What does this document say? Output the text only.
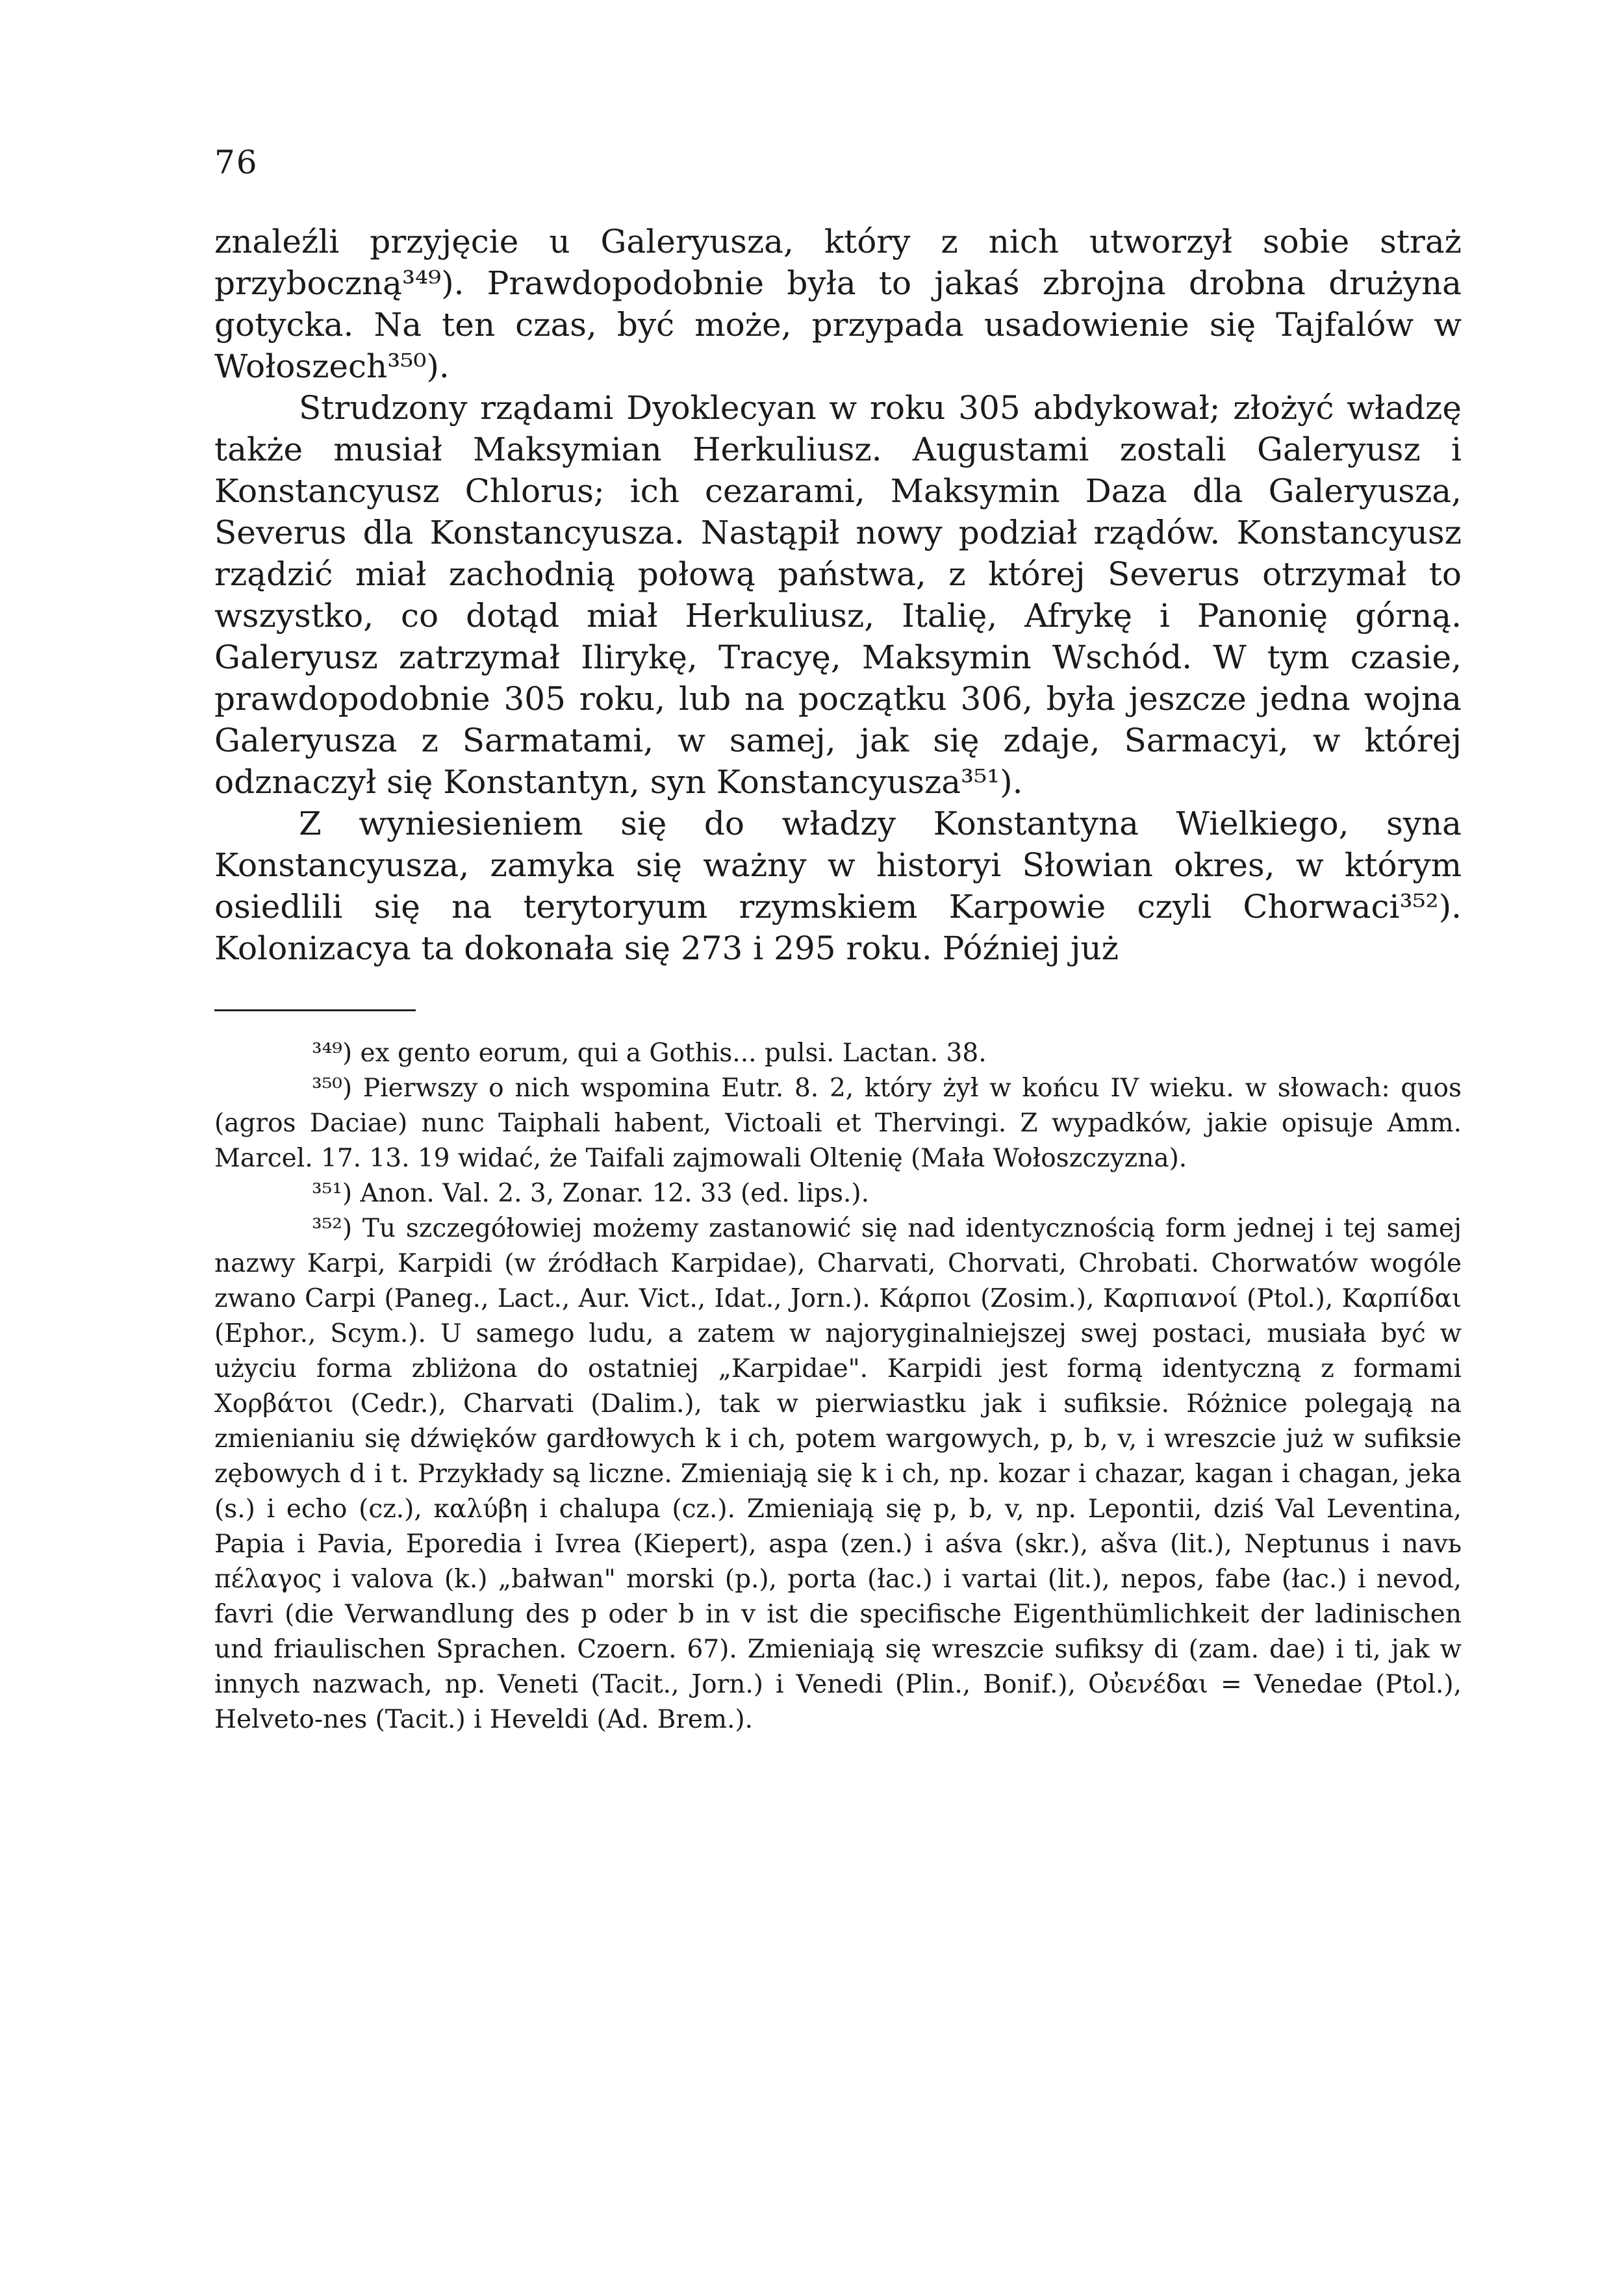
76

znaleźli przyjęcie u Galeryusza, który z nich utworzył sobie straż przyboczną³⁴⁹). Prawdopodobnie była to jakaś zbrojna drobna drużyna gotycka. Na ten czas, być może, przypada usadowienie się Tajfalów w Wołoszech³⁵⁰).

Strudzony rządami Dyoklecyan w roku 305 abdykował; złożyć władzę także musiał Maksymian Herkuliusz. Augustami zostali Galeryusz i Konstancyusz Chlorus; ich cezarami, Maksymin Daza dla Galeryusza, Severus dla Konstancyusza. Nastąpił nowy podział rządów. Konstancyusz rządzić miał zachodnią połową państwa, z której Severus otrzymał to wszystko, co dotąd miał Herkuliusz, Italię, Afrykę i Panonię górną. Galeryusz zatrzymał Ilirykę, Tracyę, Maksymin Wschód. W tym czasie, prawdopodobnie 305 roku, lub na początku 306, była jeszcze jedna wojna Galeryusza z Sarmatami, w samej, jak się zdaje, Sarmacyi, w której odznaczył się Konstantyn, syn Konstancyusza³⁵¹).

Z wyniesieniem się do władzy Konstantyna Wielkiego, syna Konstancyusza, zamyka się ważny w historyi Słowian okres, w którym osiedlili się na terytoryum rzymskiem Karpowie czyli Chorwaci³⁵²). Kolonizacya ta dokonała się 273 i 295 roku. Później już

³⁴⁹) ex gento eorum, qui a Gothis... pulsi. Lactan. 38.

³⁵⁰) Pierwszy o nich wspomina Eutr. 8. 2, który żył w końcu IV wieku. w słowach: quos (agros Daciae) nunc Taiphali habent, Victoali et Thervingi. Z wypadków, jakie opisuje Amm. Marcel. 17. 13. 19 widać, że Taifali zajmowali Oltenię (Mała Wołoszczyzna).

³⁵¹) Anon. Val. 2. 3, Zonar. 12. 33 (ed. lips.).

³⁵²) Tu szczegółowiej możemy zastanowić się nad identycznością form jednej i tej samej nazwy Karpi, Karpidi (w źródłach Karpidae), Charvati, Chorvati, Chrobati. Chorwatów wogóle zwano Carpi (Paneg., Lact., Aur. Vict., Idat., Jorn.). Κάρποι (Zosim.), Καρπιανοί (Ptol.), Καρπίδαι (Ephor., Scym.). U samego ludu, a zatem w najoryginalniejszej swej postaci, musiała być w użyciu forma zbliżona do ostatniej „Karpidae". Karpidi jest formą identyczną z formami Χορβάτοι (Cedr.), Charvati (Dalim.), tak w pierwiastku jak i sufiksie. Różnice polegają na zmienianiu się dźwięków gardłowych k i ch, potem wargowych, p, b, v, i wreszcie już w sufiksie zębowych d i t. Przykłady są liczne. Zmieniają się k i ch, np. kozar i chazar, kagan i chagan, jeka (s.) i echo (cz.), καλύβη i chalupa (cz.). Zmieniają się p, b, v, np. Lepontii, dziś Val Leventina, Papia i Pavia, Eporedia i Ivrea (Kiepert), aspa (zen.) i aśva (skr.), ašva (lit.), Neptunus i navь πέλαγος i valova (k.) „bałwan" morski (p.), porta (łac.) i vartai (lit.), nepos, fabe (łac.) i nevod, favri (die Verwandlung des p oder b in v ist die specifische Eigenthümlichkeit der ladinischen und friaulischen Sprachen. Czoern. 67). Zmieniają się wreszcie sufiksy di (zam. dae) i ti, jak w innych nazwach, np. Veneti (Tacit., Jorn.) i Venedi (Plin., Bonif.), Οὐενέδαι = Venedae (Ptol.), Helveto-nes (Tacit.) i Heveldi (Ad. Brem.).
